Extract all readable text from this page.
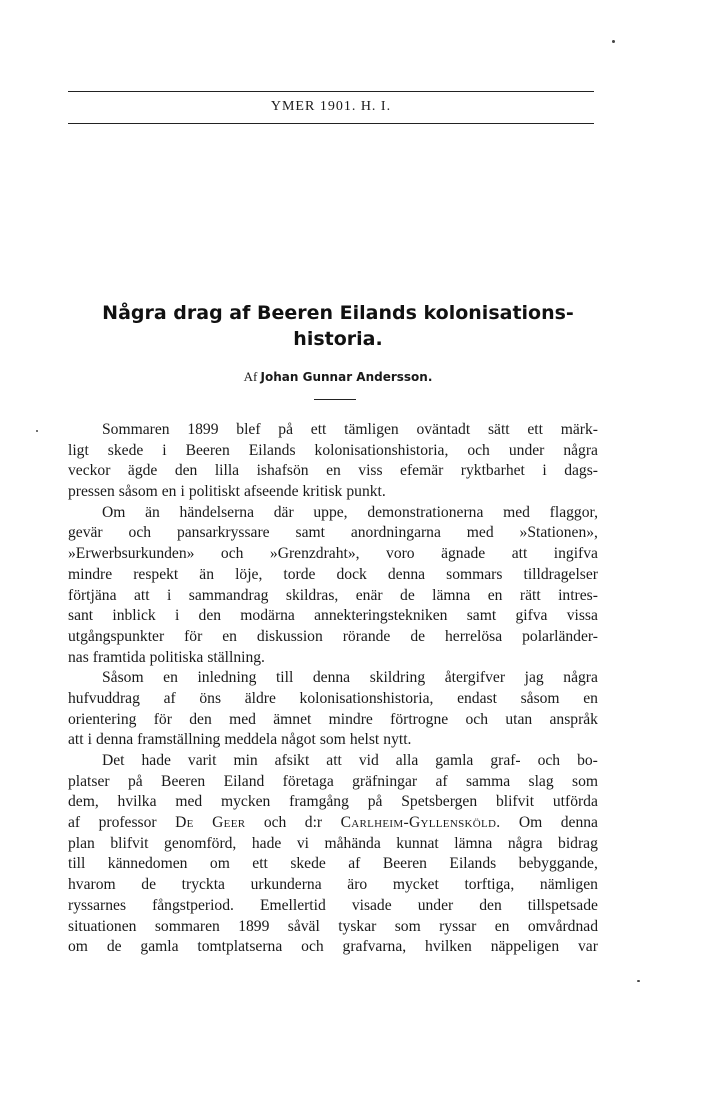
YMER 1901. H. I.
Några drag af Beeren Eilands kolonisations-
historia.
Af Johan Gunnar Andersson.
Sommaren 1899 blef på ett tämligen oväntadt sätt ett märk-
ligt skede i Beeren Eilands kolonisationshistoria, och under några
veckor ägde den lilla ishafsön en viss efemär ryktbarhet i dags-
pressen såsom en i politiskt afseende kritisk punkt.
Om än händelserna där uppe, demonstrationerna med flaggor,
gevär och pansarkryssare samt anordningarna med »Stationen»,
»Erwerbsurkunden» och »Grenzdraht», voro ägnade att ingifva
mindre respekt än löje, torde dock denna sommars tilldragelser
förtjäna att i sammandrag skildras, enär de lämna en rätt intres-
sant inblick i den modärna annekteringstekniken samt gifva vissa
utgångspunkter för en diskussion rörande de herrelösa polarländer-
nas framtida politiska ställning.
Såsom en inledning till denna skildring återgifver jag några
hufvuddrag af öns äldre kolonisationshistoria, endast såsom en
orientering för den med ämnet mindre förtrogne och utan anspråk
att i denna framställning meddela något som helst nytt.
Det hade varit min afsikt att vid alla gamla graf- och bo-
platser på Beeren Eiland företaga gräfningar af samma slag som
dem, hvilka med mycken framgång på Spetsbergen blifvit utförda
af professor De Geer och d:r Carlheim-Gyllensköld. Om denna
plan blifvit genomförd, hade vi måhända kunnat lämna några bidrag
till kännedomen om ett skede af Beeren Eilands bebyggande,
hvarom de tryckta urkunderna äro mycket torftiga, nämligen
ryssarnes fångstperiod. Emellertid visade under den tillspetsade
situationen sommaren 1899 såväl tyskar som ryssar en omvårdnad
om de gamla tomtplatserna och grafvarna, hvilken näppeligen var
